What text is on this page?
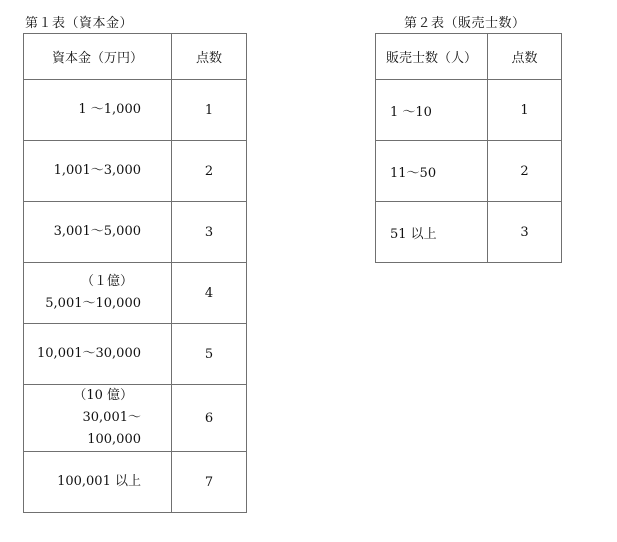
第１表（資本金）	第２表（販売士数）
資本金（万円）	点数
1 〜1,000	1
1,001〜3,000	2
3,001〜5,000	3

（１億）
5,001〜10,000	4
10,001〜30,000	5

（10 億）
30,001〜
100,000	6
100,001 以上	7
販売士数（人）	点数
1 〜10	1
11〜50	2
51 以上	3
